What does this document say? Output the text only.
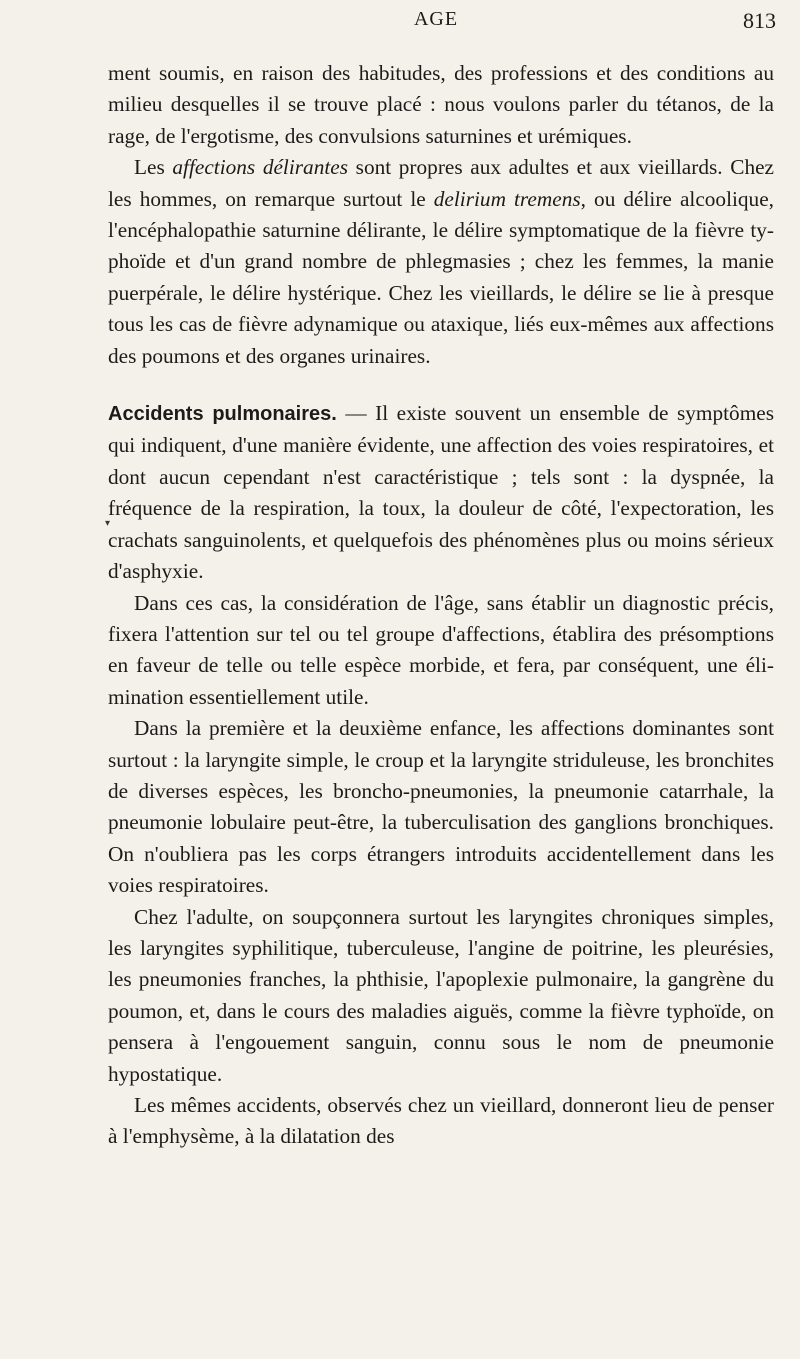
AGE	813

ment soumis, en raison des habitudes, des professions et des conditions au milieu desquelles il se trouve placé : nous voulons parler du tétanos, de la rage, de l'ergotisme, des convulsions saturnines et urémiques.

Les affections délirantes sont propres aux adultes et aux vieillards. Chez les hommes, on remarque surtout le delirium tremens, ou délire alcoolique, l'encéphalopathie saturnine délirante, le délire symptomatique de la fièvre typhoïde et d'un grand nombre de phlegmasies ; chez les femmes, la manie puerpérale, le délire hystérique. Chez les vieillards, le délire se lie à presque tous les cas de fièvre adynamique ou ataxique, liés eux-mêmes aux affections des poumons et des organes urinaires.

Accidents pulmonaires. — Il existe souvent un ensemble de symptômes qui indiquent, d'une manière évidente, une affection des voies respiratoires, et dont aucun cependant n'est caractéristique ; tels sont : la dyspnée, la fréquence de la respiration, la toux, la douleur de côté, l'expectoration, les crachats sanguinolents, et quelquefois des phénomènes plus ou moins sérieux d'asphyxie.

Dans ces cas, la considération de l'âge, sans établir un diagnostic précis, fixera l'attention sur tel ou tel groupe d'affections, établira des présomptions en faveur de telle ou telle espèce morbide, et fera, par conséquent, une élimination essentiellement utile.

Dans la première et la deuxième enfance, les affections dominantes sont surtout : la laryngite simple, le croup et la laryngite striduleuse, les bronchites de diverses espèces, les broncho-pneumonies, la pneumonie catarrhale, la pneumonie lobulaire peut-être, la tuberculisation des ganglions bronchiques. On n'oubliera pas les corps étrangers introduits accidentellement dans les voies respiratoires.

Chez l'adulte, on soupçonnera surtout les laryngites chroniques simples, les laryngites syphilitique, tuberculeuse, l'angine de poitrine, les pleurésies, les pneumonies franches, la phthisie, l'apoplexie pulmonaire, la gangrène du poumon, et, dans le cours des maladies aiguës, comme la fièvre typhoïde, on pensera à l'engouement sanguin, connu sous le nom de pneumonie hypostatique.

Les mêmes accidents, observés chez un vieillard, donneront lieu de penser à l'emphysème, à la dilatation des

▾
